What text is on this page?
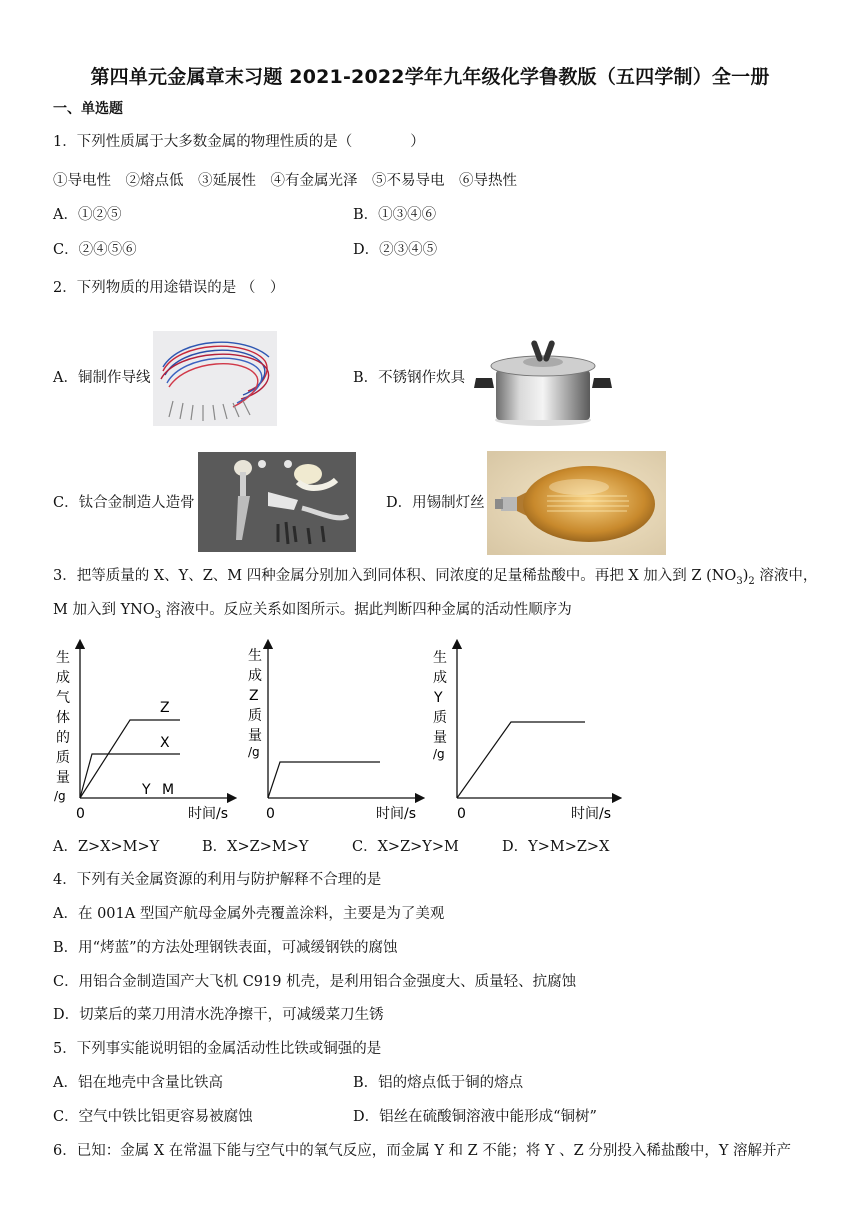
第四单元金属章末习题 2021-2022学年九年级化学鲁教版（五四学制）全一册
一、单选题
1．下列性质属于大多数金属的物理性质的是（　　　　）
①导电性　②熔点低　③延展性　④有金属光泽　⑤不易导电　⑥导热性
A．①②⑤	B．①③④⑥
C．②④⑤⑥	D．②③④⑤
2．下列物质的用途错误的是 （　）
A．铜制作导线	B．不锈钢作炊具
C．钛合金制造人造骨	D．用锡制灯丝
3．把等质量的 X、Y、Z、M 四种金属分别加入到同体积、同浓度的足量稀盐酸中。再把 X 加入到 Z $(NO_3)_2$ 溶液中，
M 加入到 $YNO_3$ 溶液中。反应关系如图所示。据此判断四种金属的活动性顺序为
生
成
气
体
的
质
量
/g
0	时间/s
Z
X
Y M
生
成
Z
质
量
/g
0	时间/s
生
成
Y
质
量
/g
0	时间/s
A．Z>X>M>Y	B．X>Z>M>Y	C．X>Z>Y>M	D．Y>M>Z>X
4．下列有关金属资源的利用与防护解释不合理的是
A．在 001A 型国产航母金属外壳覆盖涂料，主要是为了美观
B．用“烤蓝”的方法处理钢铁表面，可减缓钢铁的腐蚀
C．用铝合金制造国产大飞机 C919 机壳，是利用铝合金强度大、质量轻、抗腐蚀
D．切菜后的菜刀用清水洗净擦干，可减缓菜刀生锈
5．下列事实能说明铝的金属活动性比铁或铜强的是
A．铝在地壳中含量比铁高	B．铝的熔点低于铜的熔点
C．空气中铁比铝更容易被腐蚀	D．铝丝在硫酸铜溶液中能形成“铜树”
6．已知：金属 X 在常温下能与空气中的氧气反应，而金属 Y 和 Z 不能；将 Y 、Z 分别投入稀盐酸中，Y 溶解并产
